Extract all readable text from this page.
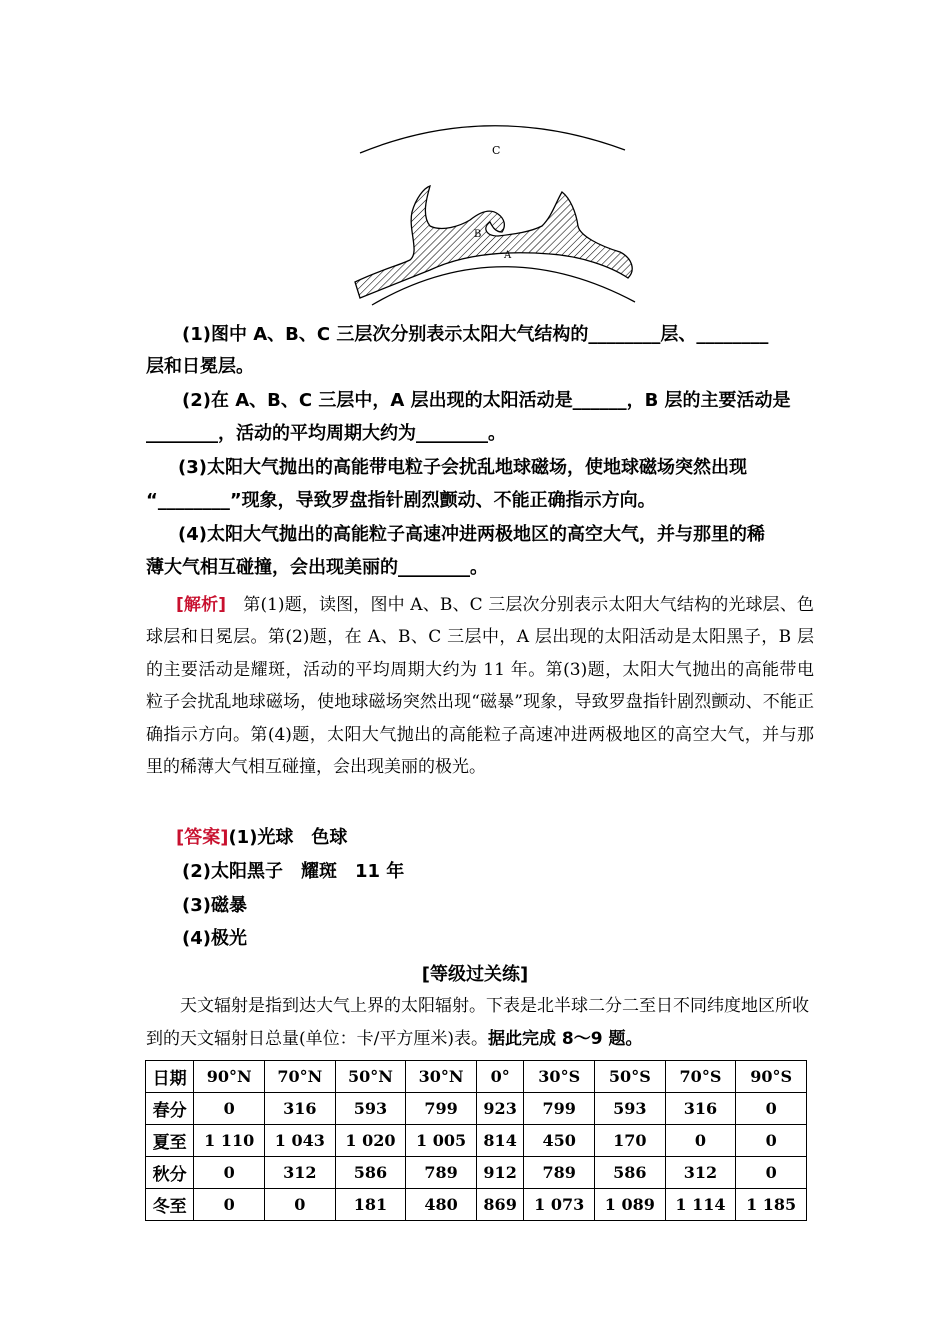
C
B
A
(1)图中 A、B、C 三层次分别表示太阳大气结构的________层、________
层和日冕层。
(2)在 A、B、C 三层中，A 层出现的太阳活动是______，B 层的主要活动是
________，活动的平均周期大约为________。
(3)太阳大气抛出的高能带电粒子会扰乱地球磁场，使地球磁场突然出现
“________”现象，导致罗盘指针剧烈颤动、不能正确指示方向。
(4)太阳大气抛出的高能粒子高速冲进两极地区的高空大气，并与那里的稀
薄大气相互碰撞，会出现美丽的________。
[解析]　第(1)题，读图，图中 A、B、C 三层次分别表示太阳大气结构的光球层、色球层和日冕层。第(2)题，在 A、B、C 三层中，A 层出现的太阳活动是太阳黑子，B 层的主要活动是耀斑，活动的平均周期大约为 11 年。第(3)题，太阳大气抛出的高能带电粒子会扰乱地球磁场，使地球磁场突然出现“磁暴”现象，导致罗盘指针剧烈颤动、不能正确指示方向。第(4)题，太阳大气抛出的高能粒子高速冲进两极地区的高空大气，并与那里的稀薄大气相互碰撞，会出现美丽的极光。
[答案](1)光球　色球
(2)太阳黑子　耀斑　11 年
(3)磁暴
(4)极光
[等级过关练]
　　天文辐射是指到达大气上界的太阳辐射。下表是北半球二分二至日不同纬度地区所收到的天文辐射日总量(单位：卡/平方厘米)表。据此完成 8～9 题。
日期	90°N	70°N	50°N	30°N	0°	30°S	50°S	70°S	90°S
春分	0	316	593	799	923	799	593	316	0
夏至	1 110	1 043	1 020	1 005	814	450	170	0	0
秋分	0	312	586	789	912	789	586	312	0
冬至	0	0	181	480	869	1 073	1 089	1 114	1 185
